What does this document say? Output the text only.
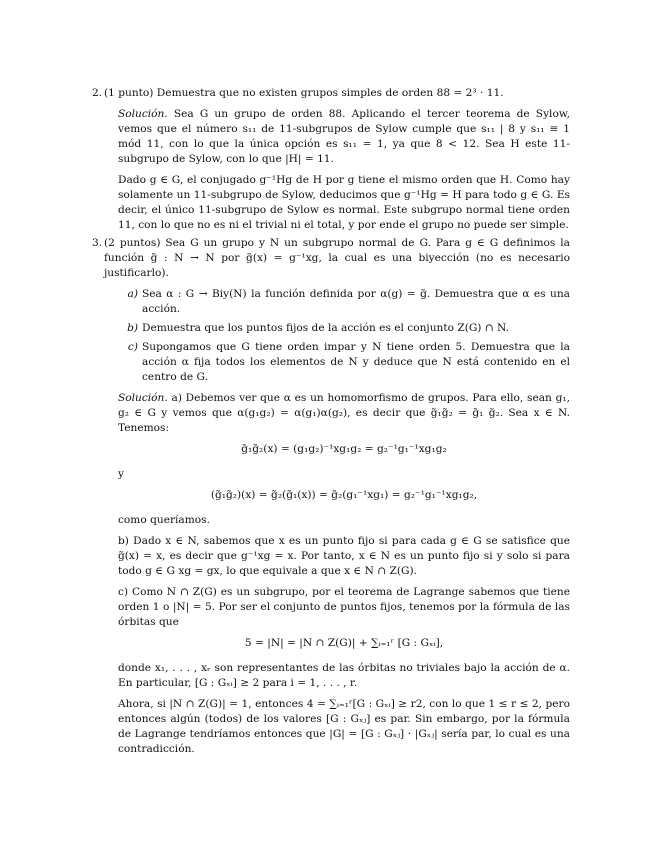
2. (1 punto) Demuestra que no existen grupos simples de orden 88 = 2³ · 11.

Solución. Sea G un grupo de orden 88. Aplicando el tercer teorema de Sylow, vemos que el número s₁₁ de 11-subgrupos de Sylow cumple que s₁₁ | 8 y s₁₁ ≡ 1 mód 11, con lo que la única opción es s₁₁ = 1, ya que 8 < 12. Sea H este 11-subgrupo de Sylow, con lo que |H| = 11.

Dado g ∈ G, el conjugado g⁻¹Hg de H por g tiene el mismo orden que H. Como hay solamente un 11-subgrupo de Sylow, deducimos que g⁻¹Hg = H para todo g ∈ G. Es decir, el único 11-subgrupo de Sylow es normal. Este subgrupo normal tiene orden 11, con lo que no es ni el trivial ni el total, y por ende el grupo no puede ser simple.

3. (2 puntos) Sea G un grupo y N un subgrupo normal de G. Para g ∈ G definimos la función g̃ : N → N por g̃(x) = g⁻¹xg, la cual es una biyección (no es necesario justificarlo).

a) Sea α : G → Biy(N) la función definida por α(g) = g̃. Demuestra que α es una acción.
b) Demuestra que los puntos fijos de la acción es el conjunto Z(G) ∩ N.
c) Supongamos que G tiene orden impar y N tiene orden 5. Demuestra que la acción α fija todos los elementos de N y deduce que N está contenido en el centro de G.

Solución. a) Debemos ver que α es un homomorfismo de grupos. Para ello, sean g₁, g₂ ∈ G y vemos que α(g₁g₂) = α(g₁)α(g₂), es decir que g̃₁g̃₂ = g̃₁ g̃₂. Sea x ∈ N. Tenemos:

g̃₁g̃₂(x) = (g₁g₂)⁻¹xg₁g₂ = g₂⁻¹g₁⁻¹xg₁g₂

y

(g̃₁g̃₂)(x) = g̃₂(g̃₁(x)) = g̃₂(g₁⁻¹xg₁) = g₂⁻¹g₁⁻¹xg₁g₂,

como queríamos.

b) Dado x ∈ N, sabemos que x es un punto fijo si para cada g ∈ G se satisfice que g̃(x) = x, es decir que g⁻¹xg = x. Por tanto, x ∈ N es un punto fijo si y solo si para todo g ∈ G xg = gx, lo que equivale a que x ∈ N ∩ Z(G).

c) Como N ∩ Z(G) es un subgrupo, por el teorema de Lagrange sabemos que tiene orden 1 o |N| = 5. Por ser el conjunto de puntos fijos, tenemos por la fórmula de las órbitas que

5 = |N| = |N ∩ Z(G)| + ∑ᵢ₌₁ʳ [G : Gₓᵢ],

donde x₁, . . . , xᵣ son representantes de las órbitas no triviales bajo la acción de α. En particular, [G : Gₓᵢ] ≥ 2 para i = 1, . . . , r.

Ahora, si |N ∩ Z(G)| = 1, entonces 4 = ∑ᵢ₌₁ʳ[G : Gₓᵢ] ≥ r2, con lo que 1 ≤ r ≤ 2, pero entonces algún (todos) de los valores [G : Gₓⱼ] es par. Sin embargo, por la fórmula de Lagrange tendríamos entonces que |G| = [G : Gₓⱼ] · |Gₓⱼ| sería par, lo cual es una contradicción.
